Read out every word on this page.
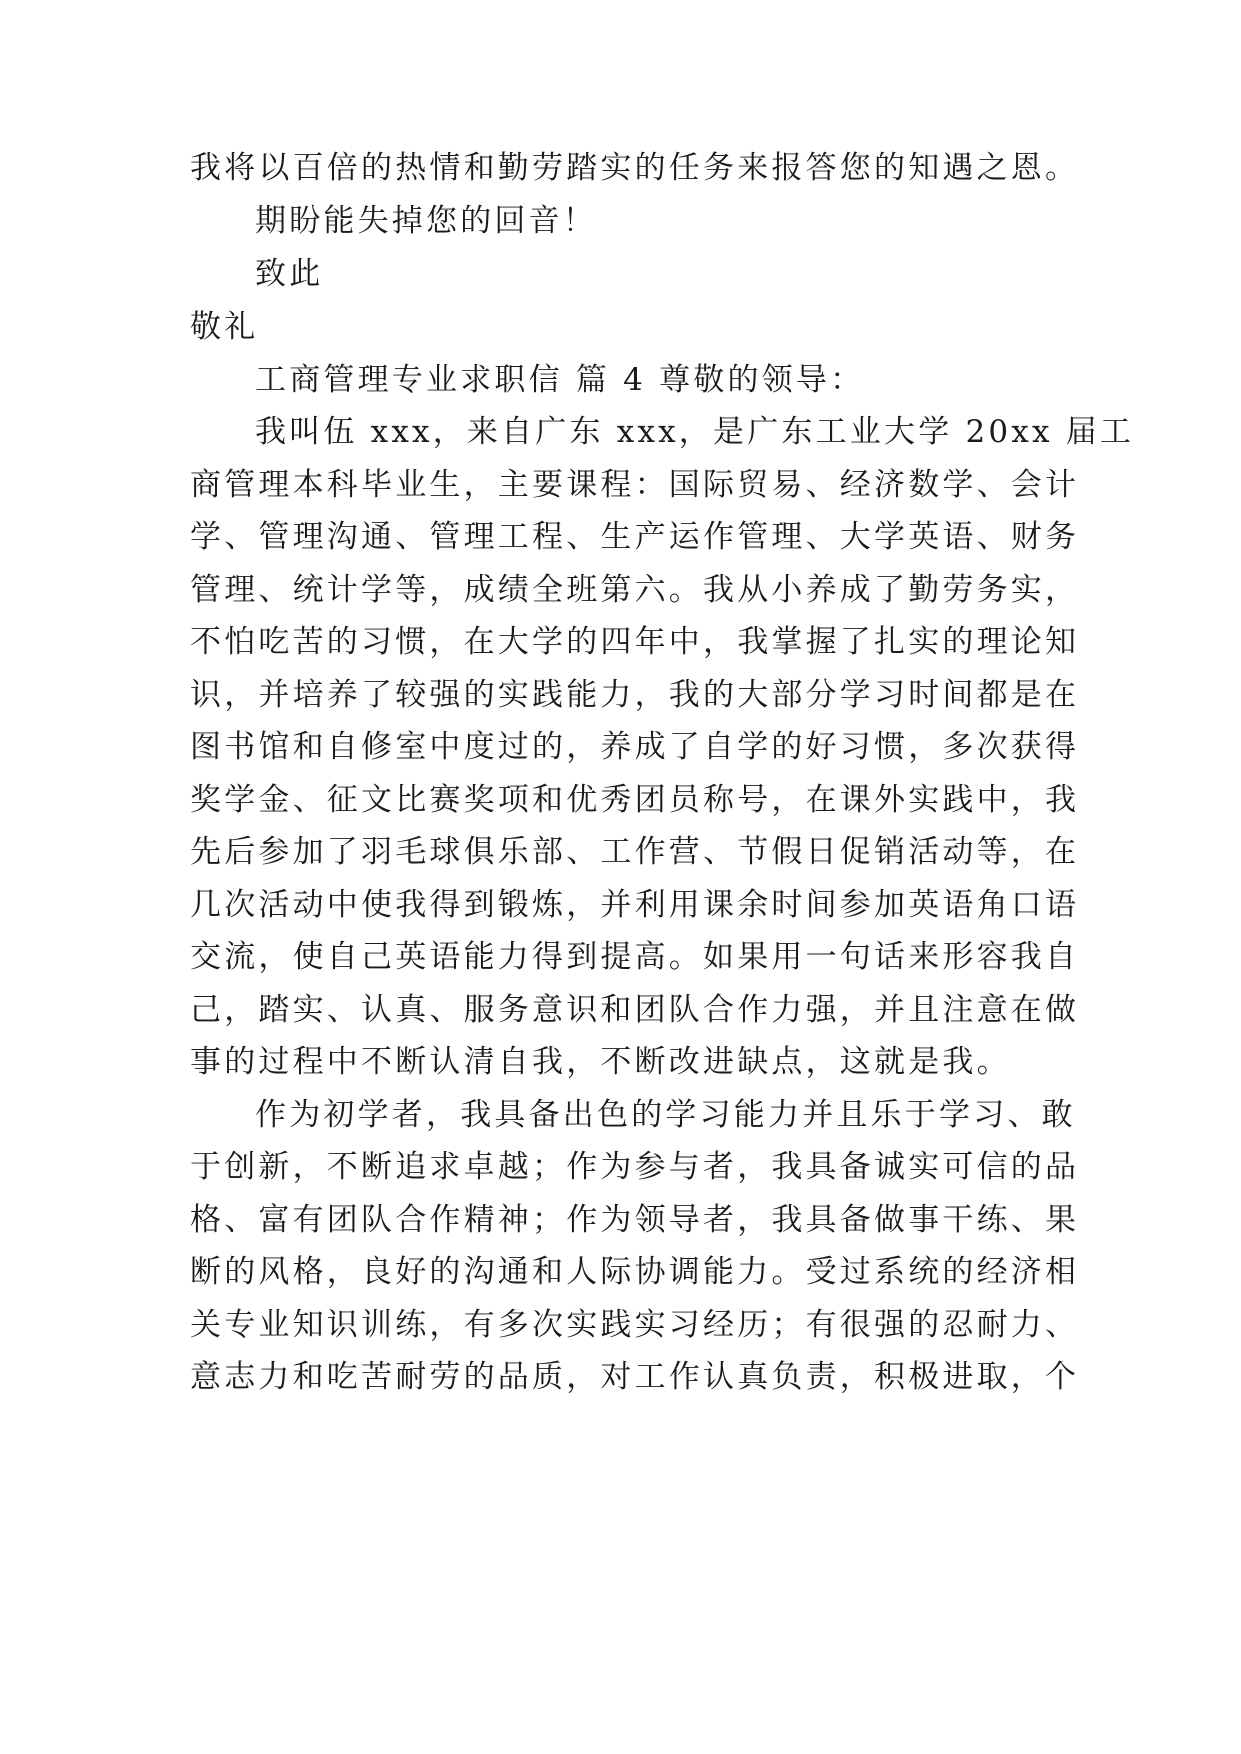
我将以百倍的热情和勤劳踏实的任务来报答您的知遇之恩。
期盼能失掉您的回音！
致此
敬礼
工商管理专业求职信 篇 4 尊敬的领导：
我叫伍 xxx，来自广东 xxx，是广东工业大学 20xx 届工
商管理本科毕业生，主要课程：国际贸易、经济数学、会计
学、管理沟通、管理工程、生产运作管理、大学英语、财务
管理、统计学等，成绩全班第六。我从小养成了勤劳务实，
不怕吃苦的习惯，在大学的四年中，我掌握了扎实的理论知
识，并培养了较强的实践能力，我的大部分学习时间都是在
图书馆和自修室中度过的，养成了自学的好习惯，多次获得
奖学金、征文比赛奖项和优秀团员称号，在课外实践中，我
先后参加了羽毛球俱乐部、工作营、节假日促销活动等，在
几次活动中使我得到锻炼，并利用课余时间参加英语角口语
交流，使自己英语能力得到提高。如果用一句话来形容我自
己，踏实、认真、服务意识和团队合作力强，并且注意在做
事的过程中不断认清自我，不断改进缺点，这就是我。
作为初学者，我具备出色的学习能力并且乐于学习、敢
于创新，不断追求卓越；作为参与者，我具备诚实可信的品
格、富有团队合作精神；作为领导者，我具备做事干练、果
断的风格，良好的沟通和人际协调能力。受过系统的经济相
关专业知识训练，有多次实践实习经历；有很强的忍耐力、
意志力和吃苦耐劳的品质，对工作认真负责，积极进取，个
